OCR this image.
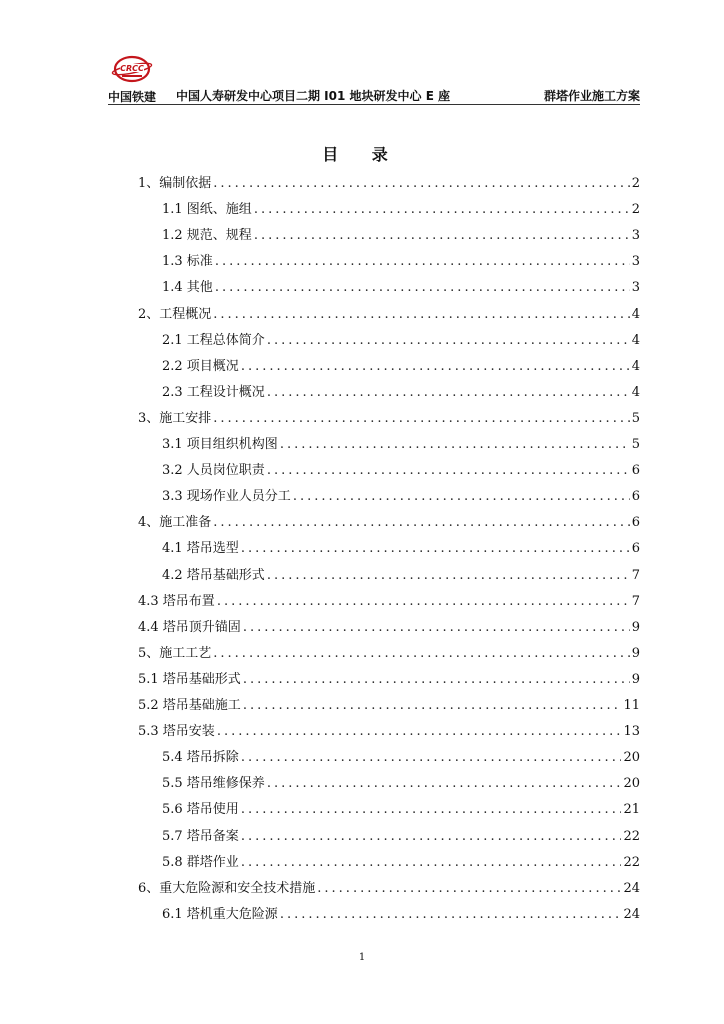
CRCC
中国铁建 中国人寿研发中心项目二期 I01 地块研发中心 E 座	群塔作业施工方案
目 录
1、编制依据 .....	2
1.1 图纸、施组 .....	2
1.2 规范、规程 .....	3
1.3 标准 .....	3
1.4 其他 .....	3
2、工程概况 .....	4
2.1 工程总体简介 .....	4
2.2 项目概况 .....	4
2.3 工程设计概况 .....	4
3、施工安排 .....	5
3.1 项目组织机构图 .....	5
3.2 人员岗位职责 .....	6
3.3 现场作业人员分工 .....	6
4、施工准备 .....	6
4.1 塔吊选型 .....	6
4.2 塔吊基础形式 .....	7
4.3 塔吊布置 .....	7
4.4 塔吊顶升锚固 .....	9
5、施工工艺 .....	9
5.1 塔吊基础形式 .....	9
5.2 塔吊基础施工 .....	11
5.3 塔吊安装 .....	13
5.4 塔吊拆除 .....	20
5.5 塔吊维修保养 .....	20
5.6 塔吊使用 .....	21
5.7 塔吊备案 .....	22
5.8 群塔作业 .....	22
6、重大危险源和安全技术措施 .....	24
6.1 塔机重大危险源 .....	24
1
